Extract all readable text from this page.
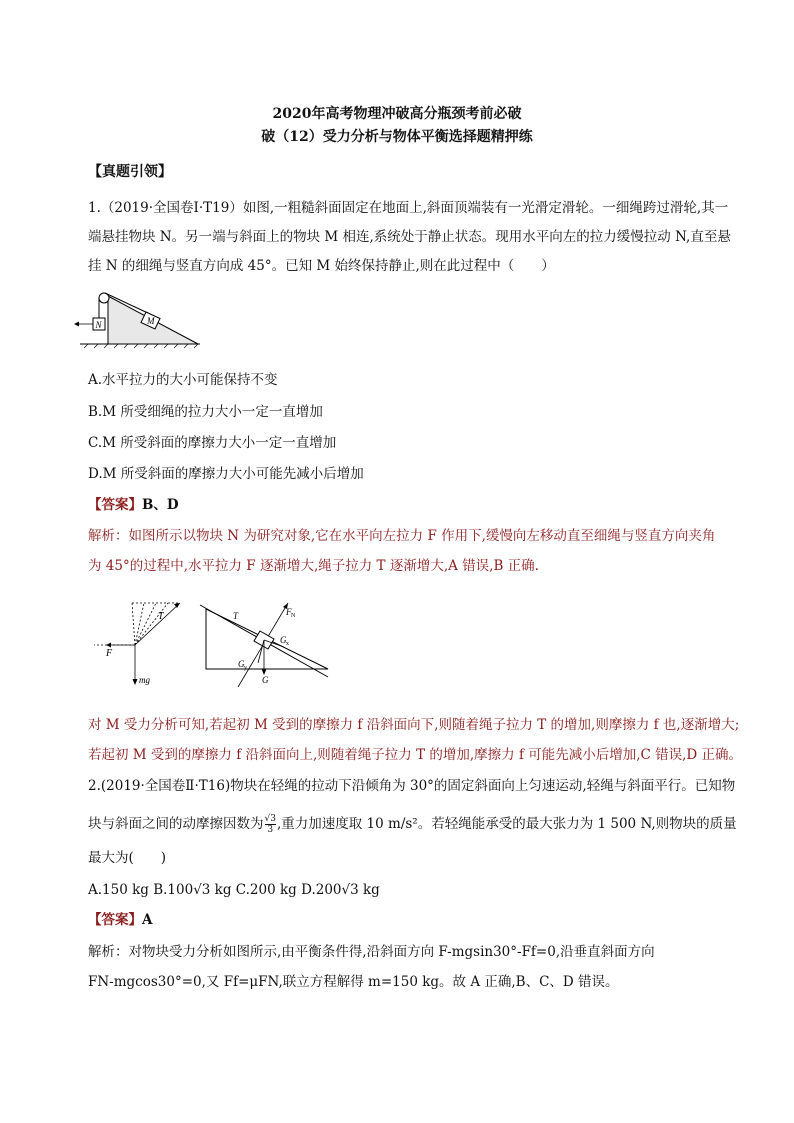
2020年高考物理冲破高分瓶颈考前必破
破（12）受力分析与物体平衡选择题精押练
【真题引领】
1.（2019·全国卷Ⅰ·T19）如图,一粗糙斜面固定在地面上,斜面顶端装有一光滑定滑轮。一细绳跨过滑轮,其一
端悬挂物块 N。另一端与斜面上的物块 M 相连,系统处于静止状态。现用水平向左的拉力缓慢拉动 N,直至悬
挂 N 的细绳与竖直方向成 45°。已知 M 始终保持静止,则在此过程中（　　）
N	M
A.水平拉力的大小可能保持不变
B.M 所受细绳的拉力大小一定一直增加
C.M 所受斜面的摩擦力大小一定一直增加
D.M 所受斜面的摩擦力大小可能先减小后增加
【答案】B、D
解析：如图所示以物块 N 为研究对象,它在水平向左拉力 F 作用下,缓慢向左移动直至细绳与竖直方向夹角
为 45°的过程中,水平拉力 F 逐渐增大,绳子拉力 T 逐渐增大,A 错误,B 正确.
T
F
mg
T	F N
G x
G y
G
对 M 受力分析可知,若起初 M 受到的摩擦力 f 沿斜面向下,则随着绳子拉力 T 的增加,则摩擦力 f 也,逐渐增大;
若起初 M 受到的摩擦力 f 沿斜面向上,则随着绳子拉力 T 的增加,摩擦力 f 可能先减小后增加,C 错误,D 正确。
2.(2019·全国卷Ⅱ·T16)物块在轻绳的拉动下沿倾角为 30°的固定斜面向上匀速运动,轻绳与斜面平行。已知物
块与斜面之间的动摩擦因数为 $\frac{√3}{3}$ ,重力加速度取 10 m/s²。若轻绳能承受的最大张力为 1 500 N,则物块的质量
最大为(　　)
A.150 kg B.100√3 kg C.200 kg D.200√3 kg
【答案】A
解析：对物块受力分析如图所示,由平衡条件得,沿斜面方向 F-mgsin30°-Ff=0,沿垂直斜面方向
FN-mgcos30°=0,又 Ff=μFN,联立方程解得 m=150 kg。故 A 正确,B、C、D 错误。
